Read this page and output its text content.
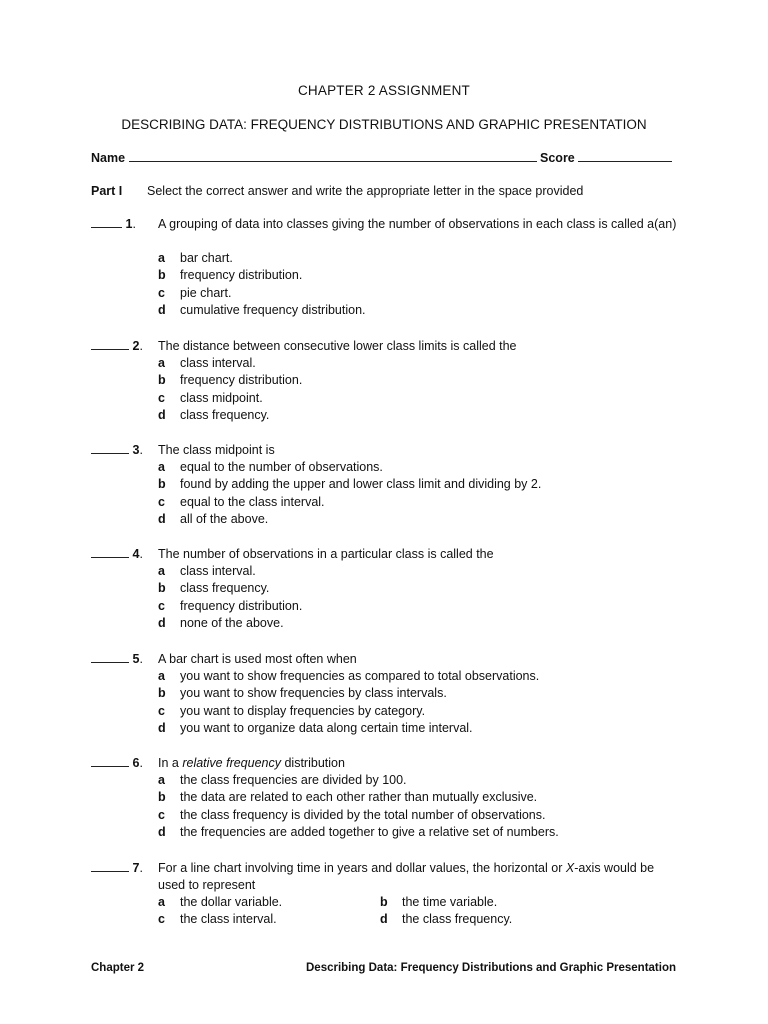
CHAPTER 2 ASSIGNMENT
DESCRIBING DATA: FREQUENCY DISTRIBUTIONS AND GRAPHIC PRESENTATION
Name	Score
Part I Select the correct answer and write the appropriate letter in the space provided
1. A grouping of data into classes giving the number of observations in each class is called a(an)
a bar chart.
b frequency distribution.
c pie chart.
d cumulative frequency distribution.
2. The distance between consecutive lower class limits is called the
a class interval.
b frequency distribution.
c class midpoint.
d class frequency.
3. The class midpoint is
a equal to the number of observations.
b found by adding the upper and lower class limit and dividing by 2.
c equal to the class interval.
d all of the above.
4. The number of observations in a particular class is called the
a class interval.
b class frequency.
c frequency distribution.
d none of the above.
5. A bar chart is used most often when
a you want to show frequencies as compared to total observations.
b you want to show frequencies by class intervals.
c you want to display frequencies by category.
d you want to organize data along certain time interval.
6. In a relative frequency distribution
a the class frequencies are divided by 100.
b the data are related to each other rather than mutually exclusive.
c the class frequency is divided by the total number of observations.
d the frequencies are added together to give a relative set of numbers.
7. For a line chart involving time in years and dollar values, the horizontal or X-axis would be used to represent
a the dollar variable.	b the time variable.
c the class interval.	d the class frequency.
Chapter 2	Describing Data: Frequency Distributions and Graphic Presentation
